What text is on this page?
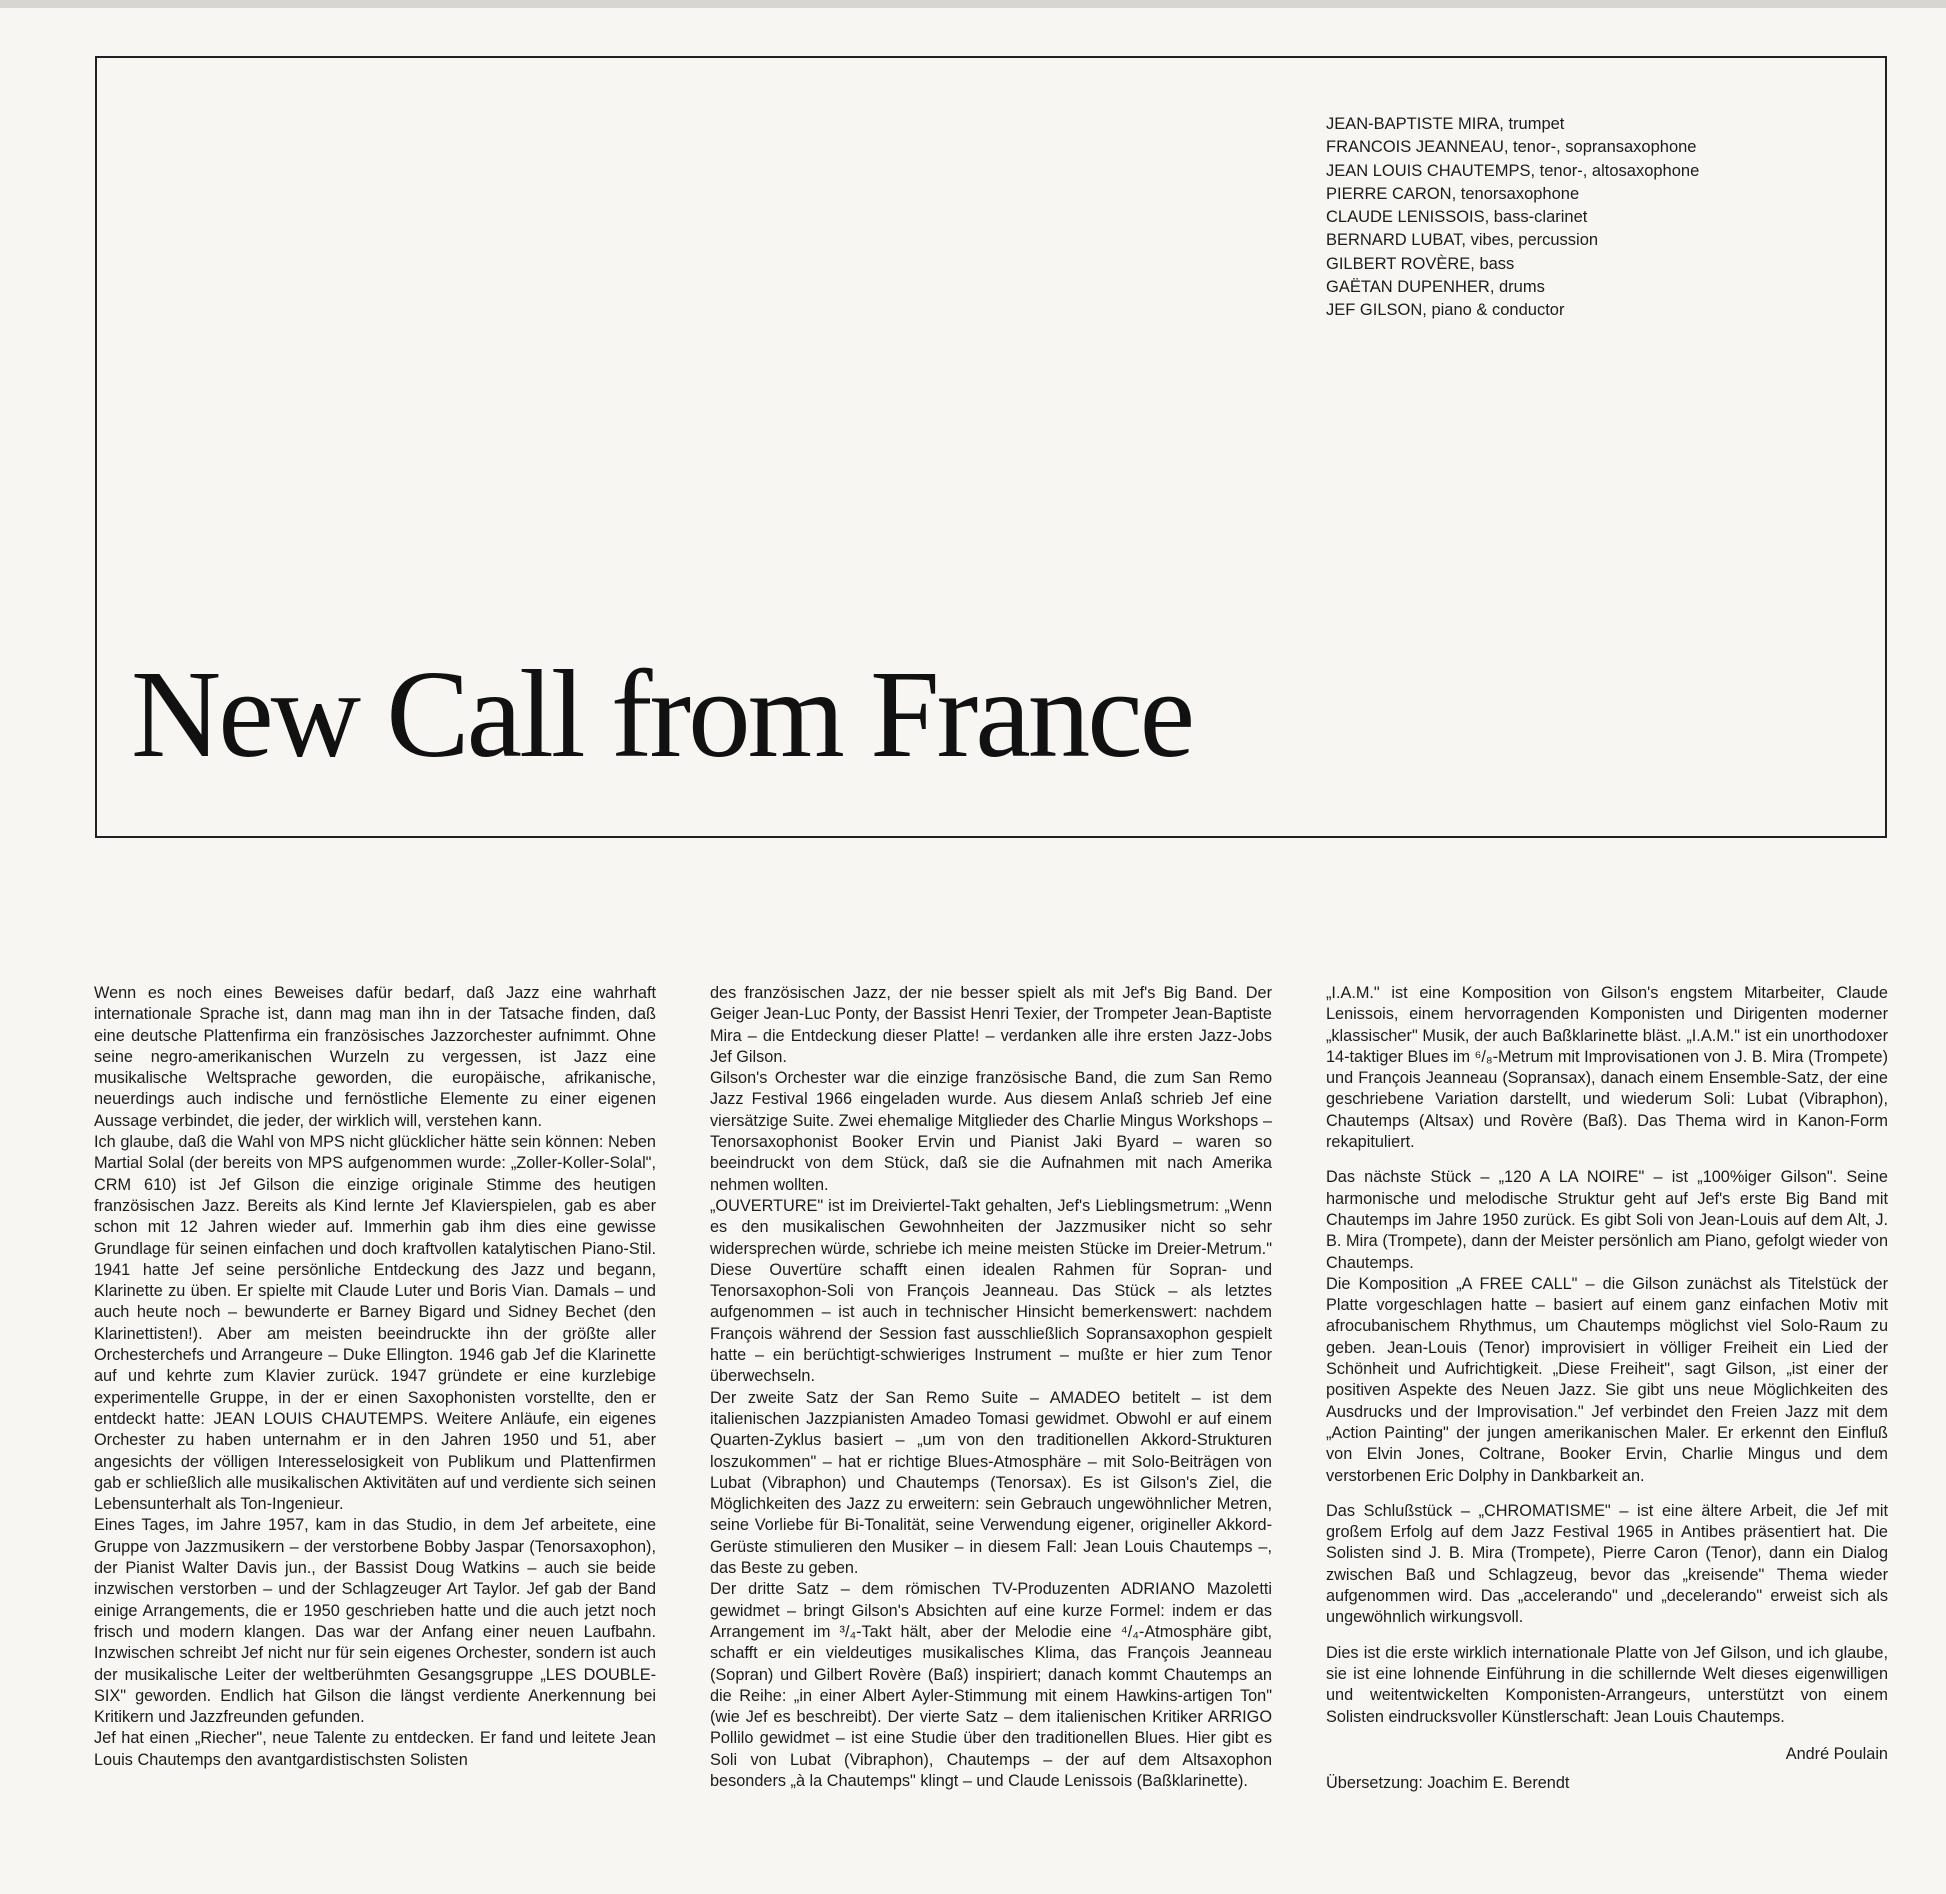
JEAN-BAPTISTE MIRA, trumpet
FRANCOIS JEANNEAU, tenor-, sopransaxophone
JEAN LOUIS CHAUTEMPS, tenor-, altosaxophone
PIERRE CARON, tenorsaxophone
CLAUDE LENISSOIS, bass-clarinet
BERNARD LUBAT, vibes, percussion
GILBERT ROVÈRE, bass
GAËTAN DUPENHER, drums
JEF GILSON, piano & conductor
New Call from France

Wenn es noch eines Beweises dafür bedarf, daß Jazz eine wahrhaft internationale Sprache ist, dann mag man ihn in der Tatsache finden, daß eine deutsche Plattenfirma ein französisches Jazzorchester aufnimmt. Ohne seine negro-amerikanischen Wurzeln zu vergessen, ist Jazz eine musikalische Weltsprache geworden, die europäische, afrikanische, neuerdings auch indische und fernöstliche Elemente zu einer eigenen Aussage verbindet, die jeder, der wirklich will, verstehen kann.

Ich glaube, daß die Wahl von MPS nicht glücklicher hätte sein können: Neben Martial Solal (der bereits von MPS aufgenommen wurde: „Zoller-Koller-Solal", CRM 610) ist Jef Gilson die einzige originale Stimme des heutigen französischen Jazz. Bereits als Kind lernte Jef Klavierspielen, gab es aber schon mit 12 Jahren wieder auf. Immerhin gab ihm dies eine gewisse Grundlage für seinen einfachen und doch kraftvollen katalytischen Piano-Stil. 1941 hatte Jef seine persönliche Entdeckung des Jazz und begann, Klarinette zu üben. Er spielte mit Claude Luter und Boris Vian. Damals – und auch heute noch – bewunderte er Barney Bigard und Sidney Bechet (den Klarinettisten!). Aber am meisten beeindruckte ihn der größte aller Orchesterchefs und Arrangeure – Duke Ellington. 1946 gab Jef die Klarinette auf und kehrte zum Klavier zurück. 1947 gründete er eine kurzlebige experimentelle Gruppe, in der er einen Saxophonisten vorstellte, den er entdeckt hatte: JEAN LOUIS CHAUTEMPS. Weitere Anläufe, ein eigenes Orchester zu haben unternahm er in den Jahren 1950 und 51, aber angesichts der völligen Interesselosigkeit von Publikum und Plattenfirmen gab er schließlich alle musikalischen Aktivitäten auf und verdiente sich seinen Lebensunterhalt als Ton-Ingenieur.

Eines Tages, im Jahre 1957, kam in das Studio, in dem Jef arbeitete, eine Gruppe von Jazzmusikern – der verstorbene Bobby Jaspar (Tenorsaxophon), der Pianist Walter Davis jun., der Bassist Doug Watkins – auch sie beide inzwischen verstorben – und der Schlagzeuger Art Taylor. Jef gab der Band einige Arrangements, die er 1950 geschrieben hatte und die auch jetzt noch frisch und modern klangen. Das war der Anfang einer neuen Laufbahn. Inzwischen schreibt Jef nicht nur für sein eigenes Orchester, sondern ist auch der musikalische Leiter der weltberühmten Gesangsgruppe „LES DOUBLE-SIX" geworden. Endlich hat Gilson die längst verdiente Anerkennung bei Kritikern und Jazzfreunden gefunden.

Jef hat einen „Riecher", neue Talente zu entdecken. Er fand und leitete Jean Louis Chautemps den avantgardistischsten Solisten

des französischen Jazz, der nie besser spielt als mit Jef's Big Band. Der Geiger Jean-Luc Ponty, der Bassist Henri Texier, der Trompeter Jean-Baptiste Mira – die Entdeckung dieser Platte! – verdanken alle ihre ersten Jazz-Jobs Jef Gilson.

Gilson's Orchester war die einzige französische Band, die zum San Remo Jazz Festival 1966 eingeladen wurde. Aus diesem Anlaß schrieb Jef eine viersätzige Suite. Zwei ehemalige Mitglieder des Charlie Mingus Workshops – Tenorsaxophonist Booker Ervin und Pianist Jaki Byard – waren so beeindruckt von dem Stück, daß sie die Aufnahmen mit nach Amerika nehmen wollten.

„OUVERTURE" ist im Dreiviertel-Takt gehalten, Jef's Lieblingsmetrum: „Wenn es den musikalischen Gewohnheiten der Jazzmusiker nicht so sehr widersprechen würde, schriebe ich meine meisten Stücke im Dreier-Metrum." Diese Ouvertüre schafft einen idealen Rahmen für Sopran- und Tenorsaxophon-Soli von François Jeanneau. Das Stück – als letztes aufgenommen – ist auch in technischer Hinsicht bemerkenswert: nachdem François während der Session fast ausschließlich Sopransaxophon gespielt hatte – ein berüchtigt-schwieriges Instrument – mußte er hier zum Tenor überwechseln.

Der zweite Satz der San Remo Suite – AMADEO betitelt – ist dem italienischen Jazzpianisten Amadeo Tomasi gewidmet. Obwohl er auf einem Quarten-Zyklus basiert – „um von den traditionellen Akkord-Strukturen loszukommen" – hat er richtige Blues-Atmosphäre – mit Solo-Beiträgen von Lubat (Vibraphon) und Chautemps (Tenorsax). Es ist Gilson's Ziel, die Möglichkeiten des Jazz zu erweitern: sein Gebrauch ungewöhnlicher Metren, seine Vorliebe für Bi-Tonalität, seine Verwendung eigener, origineller Akkord-Gerüste stimulieren den Musiker – in diesem Fall: Jean Louis Chautemps –, das Beste zu geben.

Der dritte Satz – dem römischen TV-Produzenten ADRIANO Mazoletti gewidmet – bringt Gilson's Absichten auf eine kurze Formel: indem er das Arrangement im ³/₄-Takt hält, aber der Melodie eine ⁴/₄-Atmosphäre gibt, schafft er ein vieldeutiges musikalisches Klima, das François Jeanneau (Sopran) und Gilbert Rovère (Baß) inspiriert; danach kommt Chautemps an die Reihe: „in einer Albert Ayler-Stimmung mit einem Hawkins-artigen Ton" (wie Jef es beschreibt). Der vierte Satz – dem italienischen Kritiker ARRIGO Pollilo gewidmet – ist eine Studie über den traditionellen Blues. Hier gibt es Soli von Lubat (Vibraphon), Chautemps – der auf dem Altsaxophon besonders „à la Chautemps" klingt – und Claude Lenissois (Baßklarinette).

„I.A.M." ist eine Komposition von Gilson's engstem Mitarbeiter, Claude Lenissois, einem hervorragenden Komponisten und Dirigenten moderner „klassischer" Musik, der auch Baßklarinette bläst. „I.A.M." ist ein unorthodoxer 14-taktiger Blues im ⁶/₈-Metrum mit Improvisationen von J. B. Mira (Trompete) und François Jeanneau (Sopransax), danach einem Ensemble-Satz, der eine geschriebene Variation darstellt, und wiederum Soli: Lubat (Vibraphon), Chautemps (Altsax) und Rovère (Baß). Das Thema wird in Kanon-Form rekapituliert.

Das nächste Stück – „120 A LA NOIRE" – ist „100%iger Gilson". Seine harmonische und melodische Struktur geht auf Jef's erste Big Band mit Chautemps im Jahre 1950 zurück. Es gibt Soli von Jean-Louis auf dem Alt, J. B. Mira (Trompete), dann der Meister persönlich am Piano, gefolgt wieder von Chautemps.

Die Komposition „A FREE CALL" – die Gilson zunächst als Titelstück der Platte vorgeschlagen hatte – basiert auf einem ganz einfachen Motiv mit afrocubanischem Rhythmus, um Chautemps möglichst viel Solo-Raum zu geben. Jean-Louis (Tenor) improvisiert in völliger Freiheit ein Lied der Schönheit und Aufrichtigkeit. „Diese Freiheit", sagt Gilson, „ist einer der positiven Aspekte des Neuen Jazz. Sie gibt uns neue Möglichkeiten des Ausdrucks und der Improvisation." Jef verbindet den Freien Jazz mit dem „Action Painting" der jungen amerikanischen Maler. Er erkennt den Einfluß von Elvin Jones, Coltrane, Booker Ervin, Charlie Mingus und dem verstorbenen Eric Dolphy in Dankbarkeit an.

Das Schlußstück – „CHROMATISME" – ist eine ältere Arbeit, die Jef mit großem Erfolg auf dem Jazz Festival 1965 in Antibes präsentiert hat. Die Solisten sind J. B. Mira (Trompete), Pierre Caron (Tenor), dann ein Dialog zwischen Baß und Schlagzeug, bevor das „kreisende" Thema wieder aufgenommen wird. Das „accelerando" und „decelerando" erweist sich als ungewöhnlich wirkungsvoll.

Dies ist die erste wirklich internationale Platte von Jef Gilson, und ich glaube, sie ist eine lohnende Einführung in die schillernde Welt dieses eigenwilligen und weitentwickelten Komponisten-Arrangeurs, unterstützt von einem Solisten eindrucksvoller Künstlerschaft: Jean Louis Chautemps.

André Poulain

Übersetzung: Joachim E. Berendt
